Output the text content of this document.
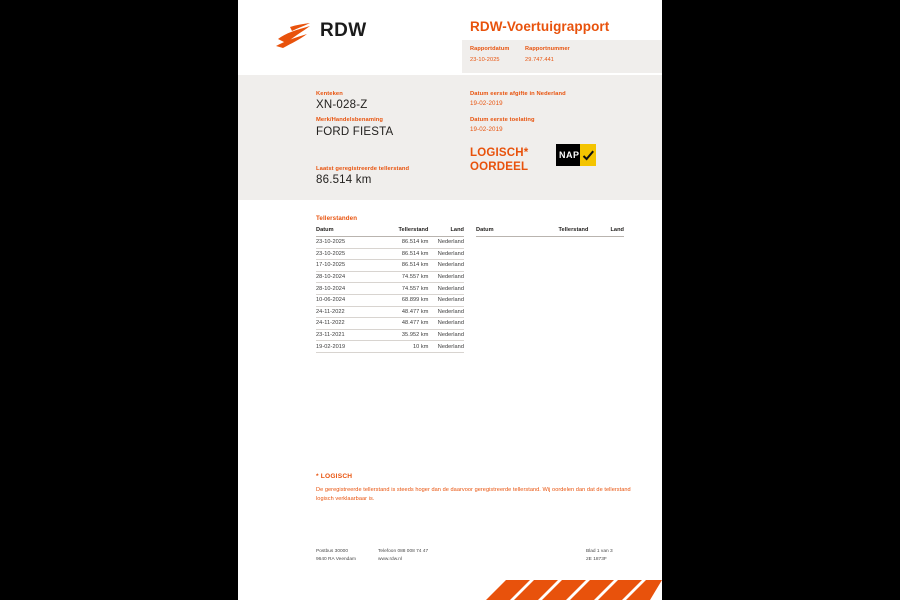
RDW	RDW-Voertuigrapport
Rapportdatum
23-10-2025
Rapportnummer
29.747.441
Kenteken
XN-028-Z
Merk/Handelsbenaming
FORD FIESTA
Laatst geregistreerde tellerstand
86.514 km
Datum eerste afgifte in Nederland
19-02-2019
Datum eerste toelating
19-02-2019
LOGISCH*
OORDEEL
NAP
Tellerstanden
Datum	Tellerstand	Land
23-10-2025	86.514 km	Nederland
23-10-2025	86.514 km	Nederland
17-10-2025	86.514 km	Nederland
28-10-2024	74.557 km	Nederland
28-10-2024	74.557 km	Nederland
10-06-2024	68.899 km	Nederland
24-11-2022	48.477 km	Nederland
24-11-2022	48.477 km	Nederland
23-11-2021	35.952 km	Nederland
19-02-2019	10 km	Nederland
Datum	Tellerstand	Land
* LOGISCH
De geregistreerde tellerstand is steeds hoger dan de daarvoor geregistreerde tellerstand. Wij oordelen dan dat de tellerstand logisch verklaarbaar is.
Postbus 30000
9640 RA Veendam
Telefoon 088 008 74 47
www.rdw.nl
Blad 1 van 3
2E 1873F
